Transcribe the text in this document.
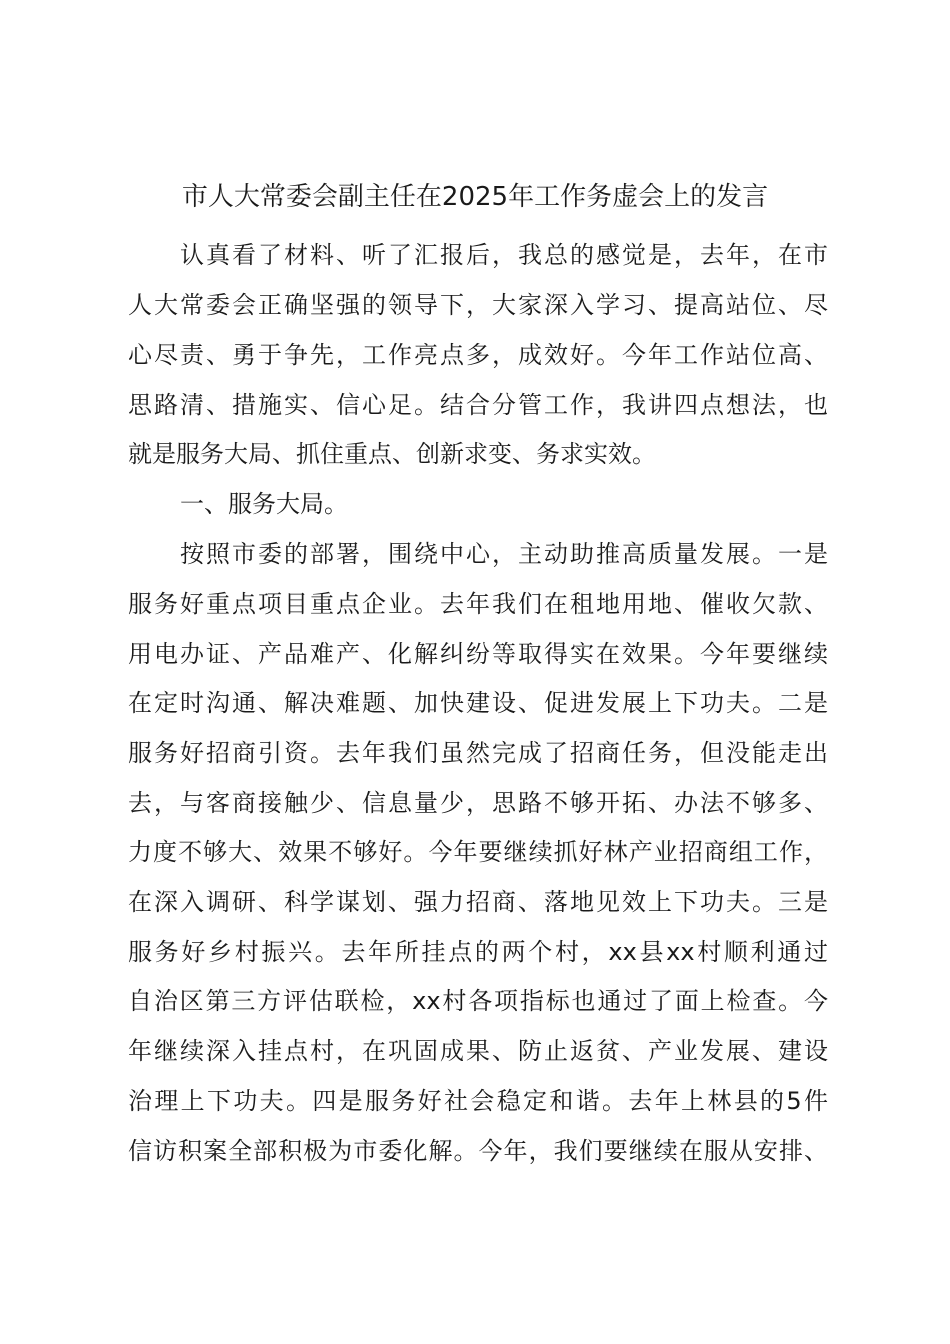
市人大常委会副主任在2025年工作务虚会上的发言
认真看了材料、听了汇报后，我总的感觉是，去年，在市
人大常委会正确坚强的领导下，大家深入学习、提高站位、尽
心尽责、勇于争先，工作亮点多，成效好。今年工作站位高、
思路清、措施实、信心足。结合分管工作，我讲四点想法，也
就是服务大局、抓住重点、创新求变、务求实效。
一、服务大局。
按照市委的部署，围绕中心，主动助推高质量发展。一是
服务好重点项目重点企业。去年我们在租地用地、催收欠款、
用电办证、产品难产、化解纠纷等取得实在效果。今年要继续
在定时沟通、解决难题、加快建设、促进发展上下功夫。二是
服务好招商引资。去年我们虽然完成了招商任务，但没能走出
去，与客商接触少、信息量少，思路不够开拓、办法不够多、
力度不够大、效果不够好。今年要继续抓好林产业招商组工作，
在深入调研、科学谋划、强力招商、落地见效上下功夫。三是
服务好乡村振兴。去年所挂点的两个村，xx县xx村顺利通过
自治区第三方评估联检，xx村各项指标也通过了面上检查。今
年继续深入挂点村，在巩固成果、防止返贫、产业发展、建设
治理上下功夫。四是服务好社会稳定和谐。去年上林县的5件
信访积案全部积极为市委化解。今年，我们要继续在服从安排、
